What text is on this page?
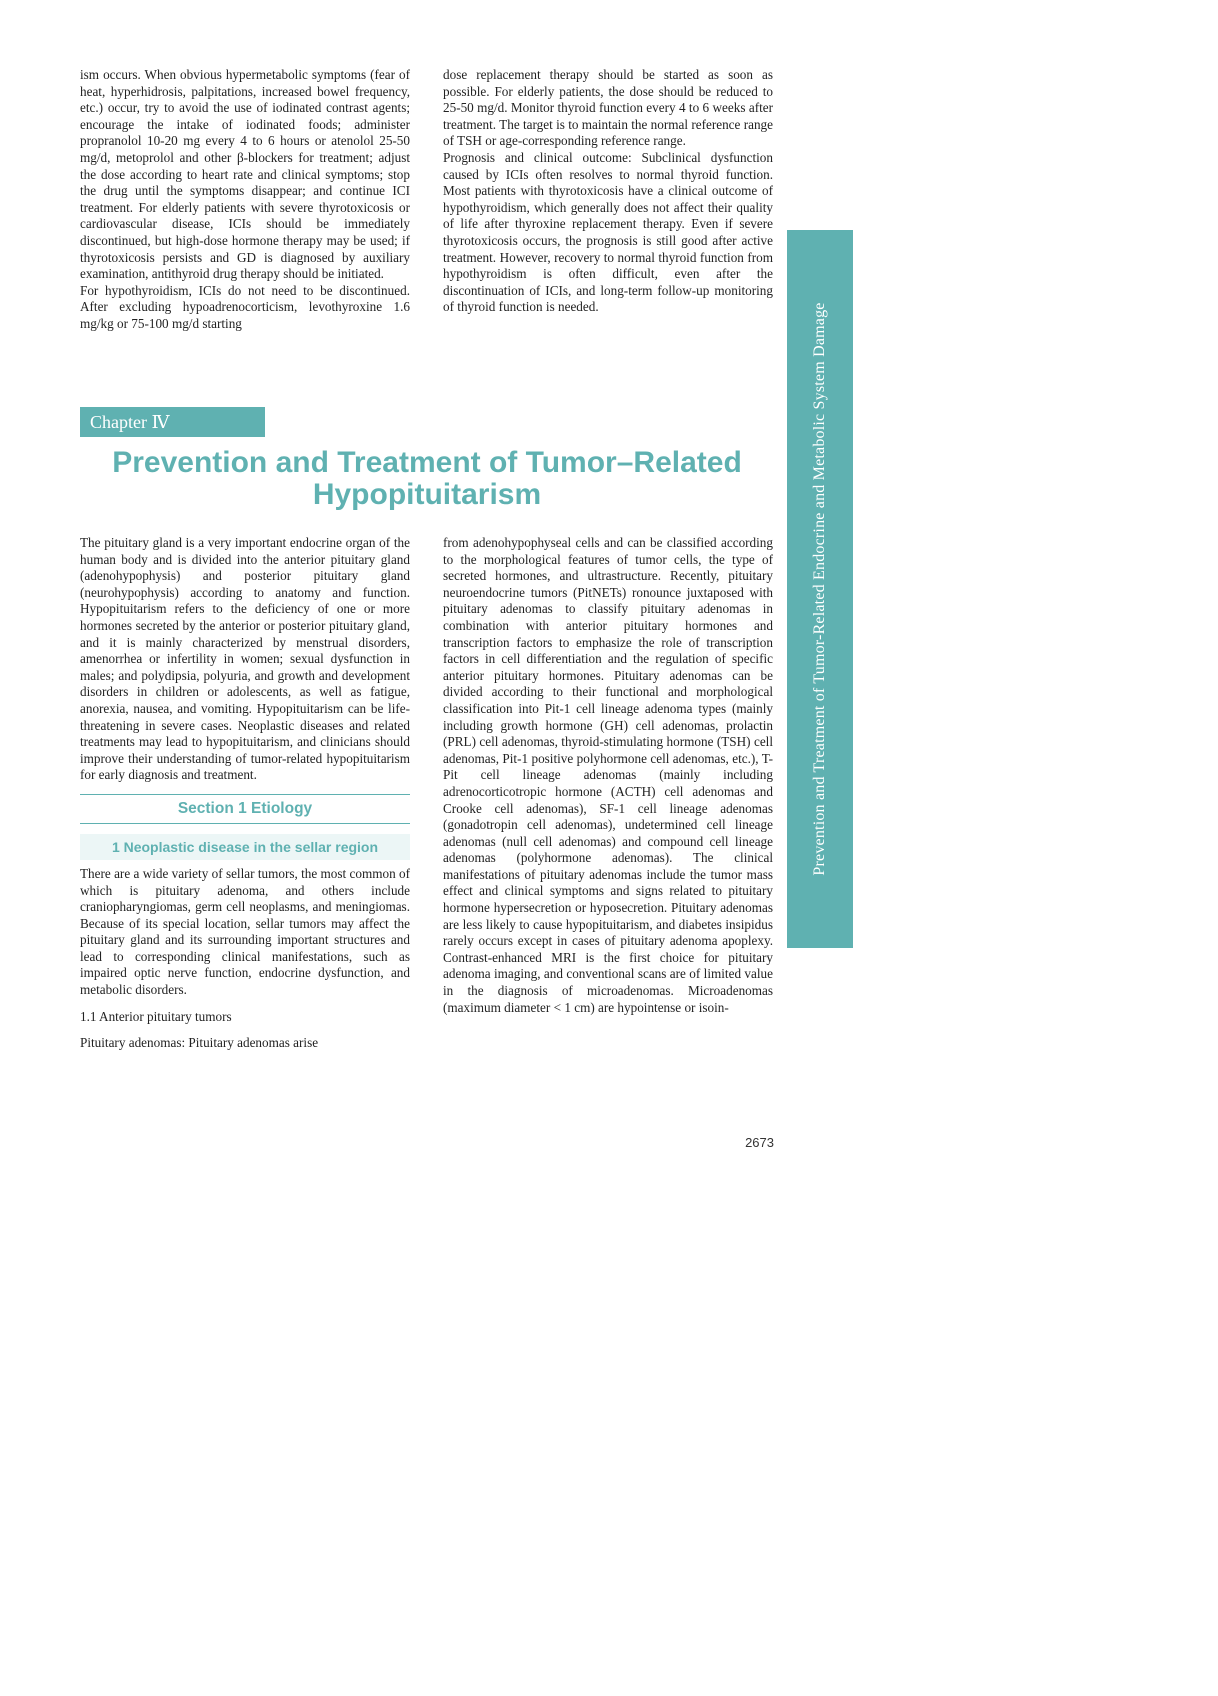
ism occurs. When obvious hypermetabolic symptoms (fear of heat, hyperhidrosis, palpitations, increased bowel frequency, etc.) occur, try to avoid the use of iodinated contrast agents; encourage the intake of iodinated foods; administer propranolol 10-20 mg every 4 to 6 hours or atenolol 25-50 mg/d, metoprolol and other β-blockers for treatment; adjust the dose according to heart rate and clinical symptoms; stop the drug until the symptoms disappear; and continue ICI treatment. For elderly patients with severe thyrotoxicosis or cardiovascular disease, ICIs should be immediately discontinued, but high-dose hormone therapy may be used; if thyrotoxicosis persists and GD is diagnosed by auxiliary examination, antithyroid drug therapy should be initiated.

For hypothyroidism, ICIs do not need to be discontinued. After excluding hypoadrenocorticism, levothyroxine 1.6 mg/kg or 75-100 mg/d starting

dose replacement therapy should be started as soon as possible. For elderly patients, the dose should be reduced to 25-50 mg/d. Monitor thyroid function every 4 to 6 weeks after treatment. The target is to maintain the normal reference range of TSH or age-corresponding reference range.

Prognosis and clinical outcome: Subclinical dysfunction caused by ICIs often resolves to normal thyroid function. Most patients with thyrotoxicosis have a clinical outcome of hypothyroidism, which generally does not affect their quality of life after thyroxine replacement therapy. Even if severe thyrotoxicosis occurs, the prognosis is still good after active treatment. However, recovery to normal thyroid function from hypothyroidism is often difficult, even after the discontinuation of ICIs, and long-term follow-up monitoring of thyroid function is needed.

Chapter Ⅳ
Prevention and Treatment of Tumor–Related Hypopituitarism

The pituitary gland is a very important endocrine organ of the human body and is divided into the anterior pituitary gland (adenohypophysis) and posterior pituitary gland (neurohypophysis) according to anatomy and function. Hypopituitarism refers to the deficiency of one or more hormones secreted by the anterior or posterior pituitary gland, and it is mainly characterized by menstrual disorders, amenorrhea or infertility in women; sexual dysfunction in males; and polydipsia, polyuria, and growth and development disorders in children or adolescents, as well as fatigue, anorexia, nausea, and vomiting. Hypopituitarism can be life-threatening in severe cases. Neoplastic diseases and related treatments may lead to hypopituitarism, and clinicians should improve their understanding of tumor-related hypopituitarism for early diagnosis and treatment.

Section 1 Etiology
1 Neoplastic disease in the sellar region

There are a wide variety of sellar tumors, the most common of which is pituitary adenoma, and others include craniopharyngiomas, germ cell neoplasms, and meningiomas. Because of its special location, sellar tumors may affect the pituitary gland and its surrounding important structures and lead to corresponding clinical manifestations, such as impaired optic nerve function, endocrine dysfunction, and metabolic disorders.

1.1 Anterior pituitary tumors

Pituitary adenomas: Pituitary adenomas arise

from adenohypophyseal cells and can be classified according to the morphological features of tumor cells, the type of secreted hormones, and ultrastructure. Recently, pituitary neuroendocrine tumors (PitNETs) ronounce juxtaposed with pituitary adenomas to classify pituitary adenomas in combination with anterior pituitary hormones and transcription factors to emphasize the role of transcription factors in cell differentiation and the regulation of specific anterior pituitary hormones. Pituitary adenomas can be divided according to their functional and morphological classification into Pit-1 cell lineage adenoma types (mainly including growth hormone (GH) cell adenomas, prolactin (PRL) cell adenomas, thyroid-stimulating hormone (TSH) cell adenomas, Pit-1 positive polyhormone cell adenomas, etc.), T-Pit cell lineage adenomas (mainly including adrenocorticotropic hormone (ACTH) cell adenomas and Crooke cell adenomas), SF-1 cell lineage adenomas (gonadotropin cell adenomas), undetermined cell lineage adenomas (null cell adenomas) and compound cell lineage adenomas (polyhormone adenomas). The clinical manifestations of pituitary adenomas include the tumor mass effect and clinical symptoms and signs related to pituitary hormone hypersecretion or hyposecretion. Pituitary adenomas are less likely to cause hypopituitarism, and diabetes insipidus rarely occurs except in cases of pituitary adenoma apoplexy. Contrast-enhanced MRI is the first choice for pituitary adenoma imaging, and conventional scans are of limited value in the diagnosis of microadenomas. Microadenomas (maximum diameter < 1 cm) are hypointense or isoin-

Prevention and Treatment of Tumor-Related Endocrine and Metabolic System Damage
2673
